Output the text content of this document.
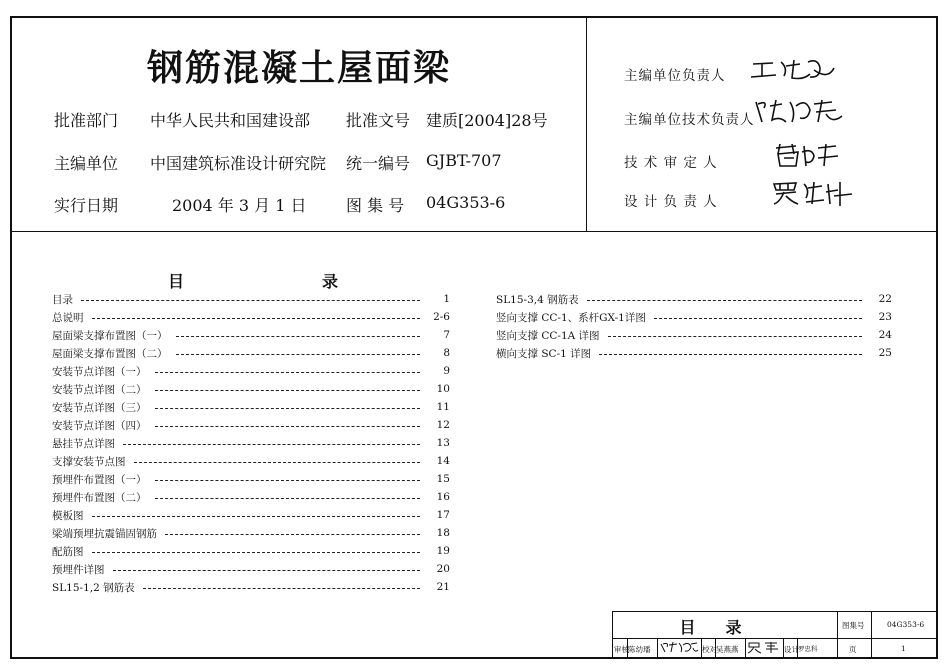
钢筋混凝土屋面梁
批准部门 中华人民共和国建设部 批准文号 建质[2004]28号
主编单位 中国建筑标准设计研究院 统一编号 GJBT-707
实行日期	2004 年 3 月 1 日 图 集 号 04G353-6
主编单位负责人
主编单位技术负责人
技 术 审 定 人
设 计 负 责 人
目	录
目录	1
总说明	2-6
屋面梁支撑布置图（一）	7
屋面梁支撑布置图（二）	8
安装节点详图（一）	9
安装节点详图（二）	10
安装节点详图（三）	11
安装节点详图（四）	12
悬挂节点详图	13
支撑安装节点图	14
预埋件布置图（一）	15
预埋件布置图（二）	16
模板图	17
梁端预埋抗震锚固钢筋	18
配筋图	19
预埋件详图	20
SL15-1,2 钢筋表	21
SL15-3,4 钢筋表	22
竖向支撑 CC-1、系杆GX-1详图	23
竖向支撑 CC-1A 详图	24
横向支撑 SC-1 详图	25
目录	图集号	04G353-6
页	1
审核 陈幼璠	校对 吴燕燕	设计 罗忠科
